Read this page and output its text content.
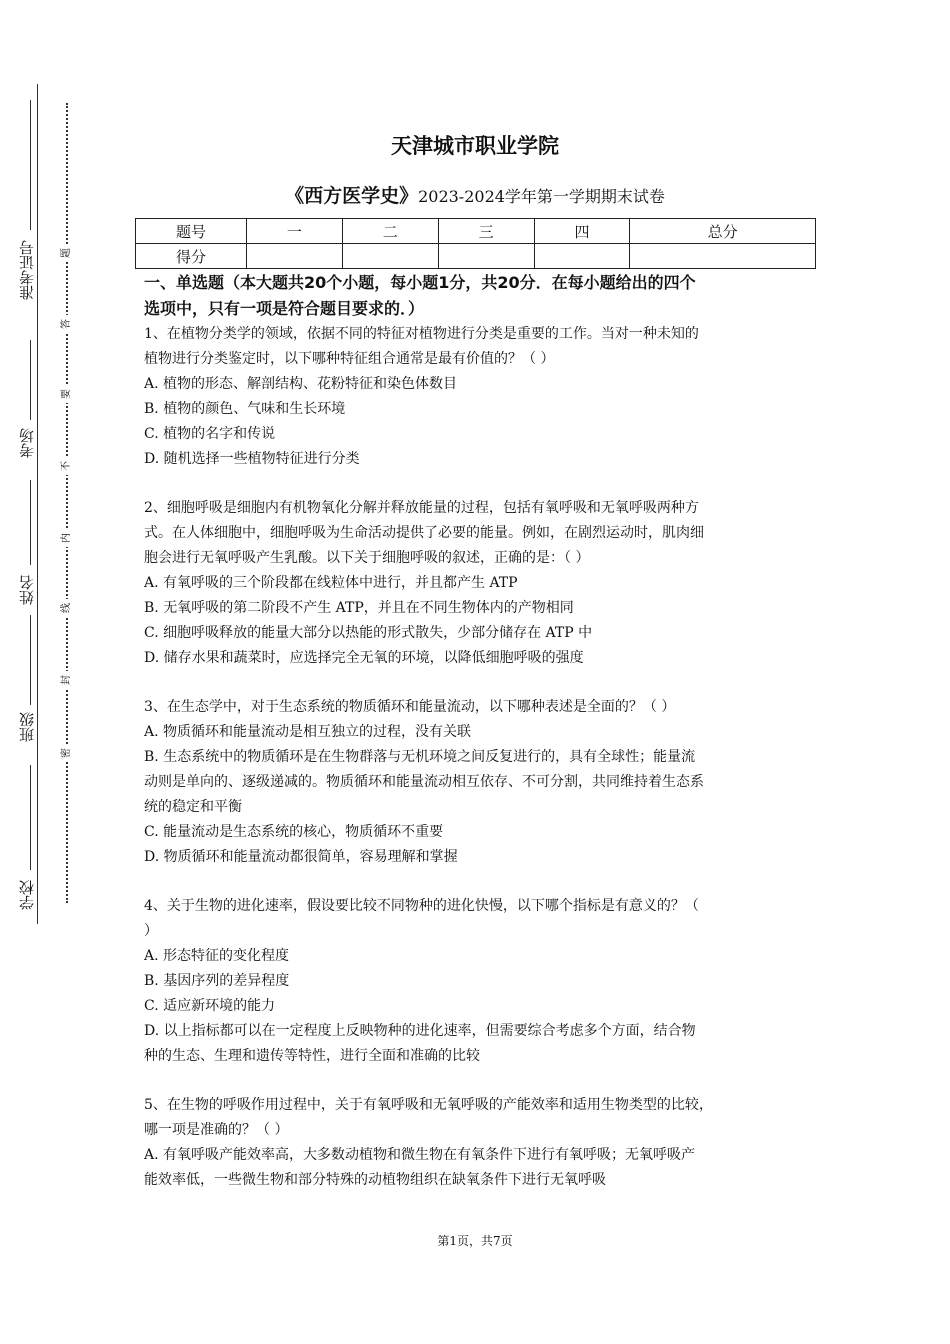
准考证号
考场
姓名
班级
学校
题
答
要
不
内
线
封
密
天津城市职业学院
《西方医学史》2023-2024学年第一学期期末试卷
题号	一	二	三	四	总分
得分					

一、单选题（本大题共20个小题，每小题1分，共20分．在每小题给出的四个

选项中，只有一项是符合题目要求的．）

1、在植物分类学的领域，依据不同的特征对植物进行分类是重要的工作。当对一种未知的

植物进行分类鉴定时，以下哪种特征组合通常是最有价值的？（ ）

A. 植物的形态、解剖结构、花粉特征和染色体数目

B. 植物的颜色、气味和生长环境

C. 植物的名字和传说

D. 随机选择一些植物特征进行分类

2、细胞呼吸是细胞内有机物氧化分解并释放能量的过程，包括有氧呼吸和无氧呼吸两种方

式。在人体细胞中，细胞呼吸为生命活动提供了必要的能量。例如，在剧烈运动时，肌肉细

胞会进行无氧呼吸产生乳酸。以下关于细胞呼吸的叙述，正确的是：（ ）

A. 有氧呼吸的三个阶段都在线粒体中进行，并且都产生 ATP

B. 无氧呼吸的第二阶段不产生 ATP，并且在不同生物体内的产物相同

C. 细胞呼吸释放的能量大部分以热能的形式散失，少部分储存在 ATP 中

D. 储存水果和蔬菜时，应选择完全无氧的环境，以降低细胞呼吸的强度

3、在生态学中，对于生态系统的物质循环和能量流动，以下哪种表述是全面的？（ ）

A. 物质循环和能量流动是相互独立的过程，没有关联

B. 生态系统中的物质循环是在生物群落与无机环境之间反复进行的，具有全球性；能量流

动则是单向的、逐级递减的。物质循环和能量流动相互依存、不可分割，共同维持着生态系

统的稳定和平衡

C. 能量流动是生态系统的核心，物质循环不重要

D. 物质循环和能量流动都很简单，容易理解和掌握

4、关于生物的进化速率，假设要比较不同物种的进化快慢，以下哪个指标是有意义的？（

）

A. 形态特征的变化程度

B. 基因序列的差异程度

C. 适应新环境的能力

D. 以上指标都可以在一定程度上反映物种的进化速率，但需要综合考虑多个方面，结合物

种的生态、生理和遗传等特性，进行全面和准确的比较

5、在生物的呼吸作用过程中，关于有氧呼吸和无氧呼吸的产能效率和适用生物类型的比较，

哪一项是准确的？（ ）

A. 有氧呼吸产能效率高，大多数动植物和微生物在有氧条件下进行有氧呼吸；无氧呼吸产

能效率低，一些微生物和部分特殊的动植物组织在缺氧条件下进行无氧呼吸

第1页，共7页
